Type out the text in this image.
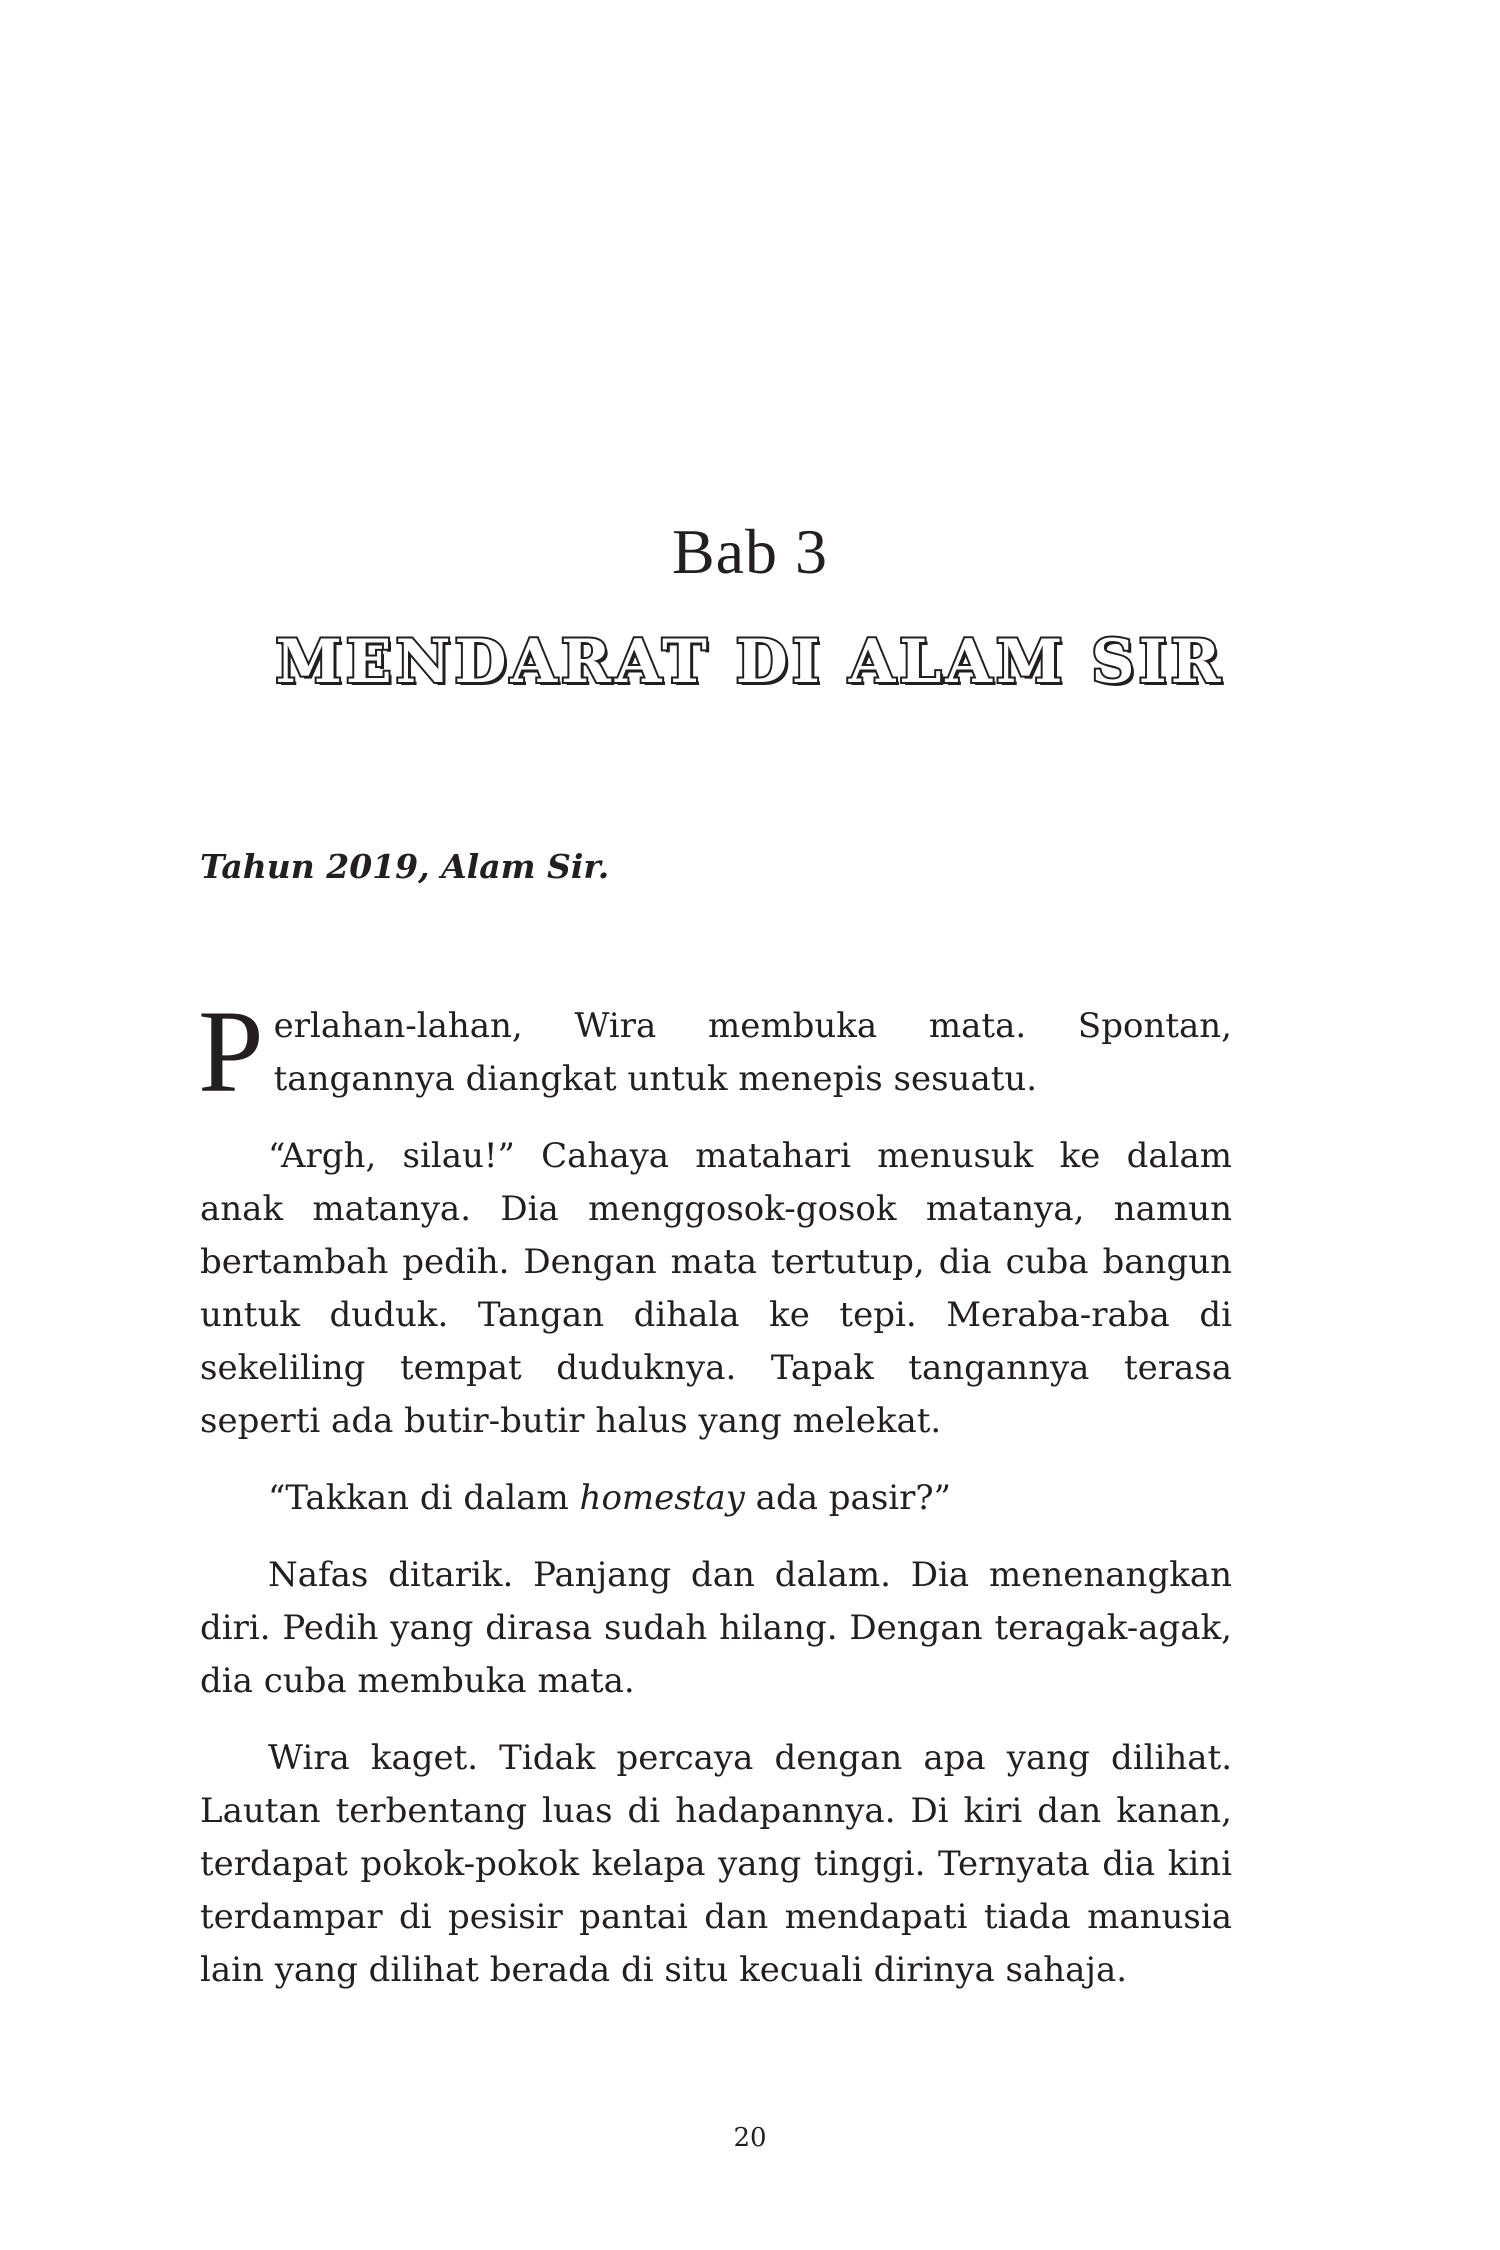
Bab 3
MENDARAT DI ALAM SIR
Tahun 2019, Alam Sir.

Perlahan-lahan, Wira membuka mata. Spontan, tangannya diangkat untuk menepis sesuatu.

“Argh, silau!” Cahaya matahari menusuk ke dalam anak matanya. Dia menggosok-gosok matanya, namun bertambah pedih. Dengan mata tertutup, dia cuba bangun untuk duduk. Tangan dihala ke tepi. Meraba-raba di sekeliling tempat duduknya. Tapak tangannya terasa seperti ada butir-butir halus yang melekat.

“Takkan di dalam homestay ada pasir?”

Nafas ditarik. Panjang dan dalam. Dia menenangkan diri. Pedih yang dirasa sudah hilang. Dengan teragak-agak, dia cuba membuka mata.

Wira kaget. Tidak percaya dengan apa yang dilihat. Lautan terbentang luas di hadapannya. Di kiri dan kanan, terdapat pokok-pokok kelapa yang tinggi. Ternyata dia kini terdampar di pesisir pantai dan mendapati tiada manusia lain yang dilihat berada di situ kecuali dirinya sahaja.

20
